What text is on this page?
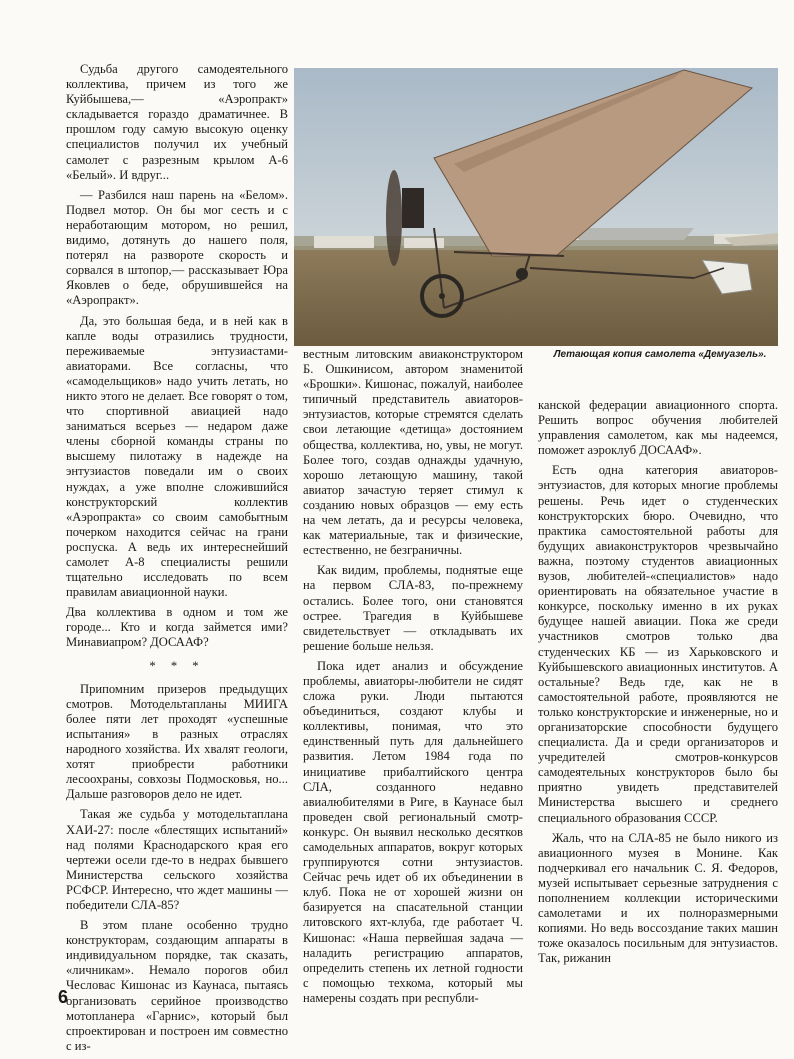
Судьба другого самодеятельного коллектива, причем из того же Куйбышева,— «Аэропракт» складывается гораздо драматичнее. В прошлом году самую высокую оценку специалистов получил их учебный самолет с разрезным крылом А-6 «Белый». И вдруг...

— Разбился наш парень на «Белом». Подвел мотор. Он бы мог сесть и с неработающим мотором, но решил, видимо, дотянуть до нашего поля, потерял на развороте скорость и сорвался в штопор,— рассказывает Юра Яковлев о беде, обрушившейся на «Аэропракт».

Да, это большая беда, и в ней как в капле воды отразились трудности, переживаемые энтузиастами-авиаторами. Все согласны, что «самодельщиков» надо учить летать, но никто этого не делает. Все говорят о том, что спортивной авиацией надо заниматься всерьез — недаром даже члены сборной команды страны по высшему пилотажу в надежде на энтузиастов поведали им о своих нуждах, а уже вполне сложившийся конструкторский коллектив «Аэропракта» со своим самобытным почерком находится сейчас на грани роспуска. А ведь их интереснейший самолет А-8 специалисты решили тщательно исследовать по всем правилам авиационной науки.

Два коллектива в одном и том же городе... Кто и когда займется ими? Минавиапром? ДОСААФ?

* * *

Припомним призеров предыдущих смотров. Мотодельтапланы МИИГА более пяти лет проходят «успешные испытания» в разных отраслях народного хозяйства. Их хвалят геологи, хотят приобрести работники лесоохраны, совхозы Подмосковья, но... Дальше разговоров дело не идет.

Такая же судьба у мотодельтаплана ХАИ-27: после «блестящих испытаний» над полями Краснодарского края его чертежи осели где-то в недрах бывшего Министерства сельского хозяйства РСФСР. Интересно, что ждет машины — победители СЛА-85?

В этом плане особенно трудно конструкторам, создающим аппараты в индивидуальном порядке, так сказать, «личникам». Немало порогов обил Чесловас Кишонас из Каунаса, пытаясь организовать серийное производство мотопланера «Гарнис», который был спроектирован и построен им совместно с из-

Летающая копия самолета «Демуазель».

вестным литовским авиаконструктором Б. Ошкинисом, автором знаменитой «Брошки». Кишонас, пожалуй, наиболее типичный представитель авиаторов-энтузиастов, которые стремятся сделать свои летающие «детища» достоянием общества, коллектива, но, увы, не могут. Более того, создав однажды удачную, хорошо летающую машину, такой авиатор зачастую теряет стимул к созданию новых образцов — ему есть на чем летать, да и ресурсы человека, как материальные, так и физические, естественно, не безграничны.

Как видим, проблемы, поднятые еще на первом СЛА-83, по-прежнему остались. Более того, они становятся острее. Трагедия в Куйбышеве свидетельствует — откладывать их решение больше нельзя.

Пока идет анализ и обсуждение проблемы, авиаторы-любители не сидят сложа руки. Люди пытаются объединиться, создают клубы и коллективы, понимая, что это единственный путь для дальнейшего развития. Летом 1984 года по инициативе прибалтийского центра СЛА, созданного недавно авиалюбителями в Риге, в Каунасе был проведен свой региональный смотр-конкурс. Он выявил несколько десятков самодельных аппаратов, вокруг которых группируются сотни энтузиастов. Сейчас речь идет об их объединении в клуб. Пока не от хорошей жизни он базируется на спасательной станции литовского яхт-клуба, где работает Ч. Кишонас: «Наша первейшая задача — наладить регистрацию аппаратов, определить степень их летной годности с помощью техкома, который мы намерены создать при республи-

канской федерации авиационного спорта. Решить вопрос обучения любителей управления самолетом, как мы надеемся, поможет аэроклуб ДОСААФ».

Есть одна категория авиаторов-энтузиастов, для которых многие проблемы решены. Речь идет о студенческих конструкторских бюро. Очевидно, что практика самостоятельной работы для будущих авиаконструкторов чрезвычайно важна, поэтому студентов авиационных вузов, любителей-«специалистов» надо ориентировать на обязательное участие в конкурсе, поскольку именно в их руках будущее нашей авиации. Пока же среди участников смотров только два студенческих КБ — из Харьковского и Куйбышевского авиационных институтов. А остальные? Ведь где, как не в самостоятельной работе, проявляются не только конструкторские и инженерные, но и организаторские способности будущего специалиста. Да и среди организаторов и учредителей смотров-конкурсов самодеятельных конструкторов было бы приятно увидеть представителей Министерства высшего и среднего специального образования СССР.

Жаль, что на СЛА-85 не было никого из авиационного музея в Монине. Как подчеркивал его начальник С. Я. Федоров, музей испытывает серьезные затруднения с пополнением коллекции историческими самолетами и их полноразмерными копиями. Но ведь воссоздание таких машин тоже оказалось посильным для энтузиастов. Так, рижанин

6
